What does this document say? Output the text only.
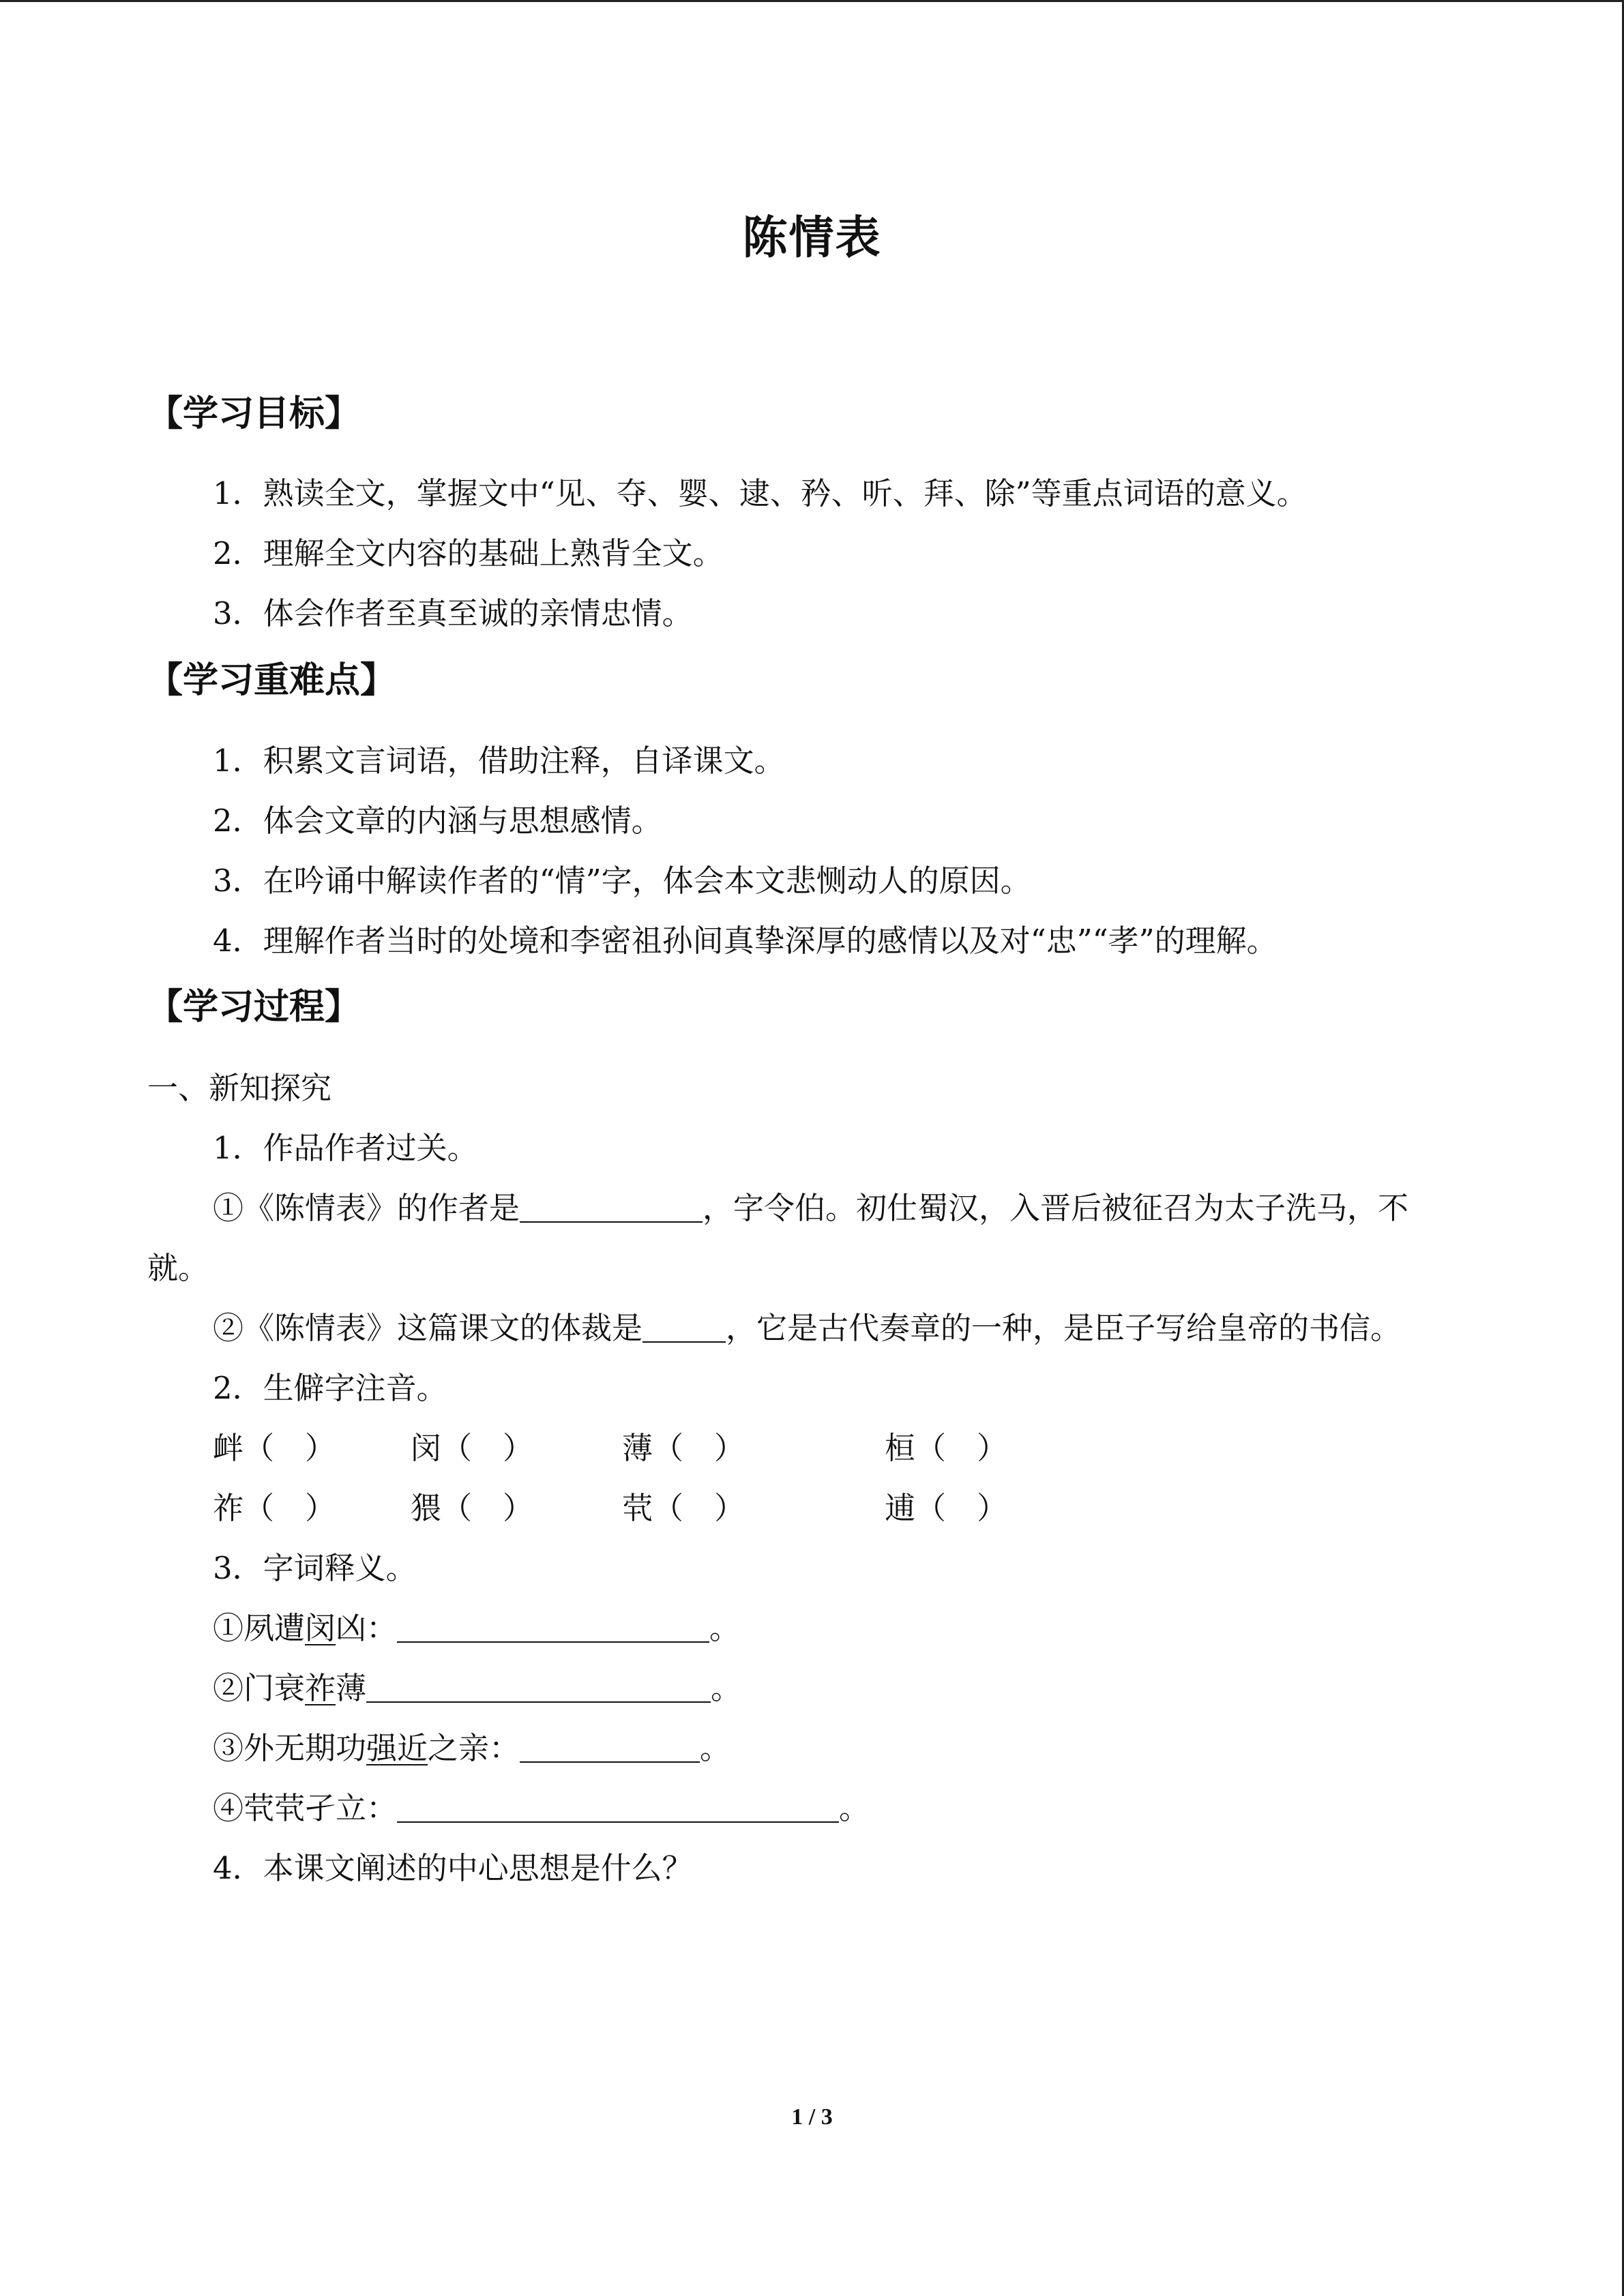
陈情表
【学习目标】
1．熟读全文，掌握文中“见、夺、婴、逮、矜、听、拜、除”等重点词语的意义。
2．理解全文内容的基础上熟背全文。
3．体会作者至真至诚的亲情忠情。
【学习重难点】
1．积累文言词语，借助注释，自译课文。
2．体会文章的内涵与思想感情。
3．在吟诵中解读作者的“情”字，体会本文悲恻动人的原因。
4．理解作者当时的处境和李密祖孙间真挚深厚的感情以及对“忠”“孝”的理解。
【学习过程】
一、新知探究
1．作品作者过关。
①《陈情表》的作者是	，字令伯。初仕蜀汉，入晋后被征召为太子洗马，不
就。
②《陈情表》这篇课文的体裁是	，它是古代奏章的一种，是臣子写给皇帝的书信。
2．生僻字注音。
衅（　） 闵（　）	薄（　）	桓（　）
祚（　） 猥（　）	茕（　）	逋（　）
3．字词释义。
①夙遭闵凶：	。
②门衰祚薄	。
③外无期功强近之亲：	。
④茕茕孑立：	。
4．本课文阐述的中心思想是什么？
1 / 3
